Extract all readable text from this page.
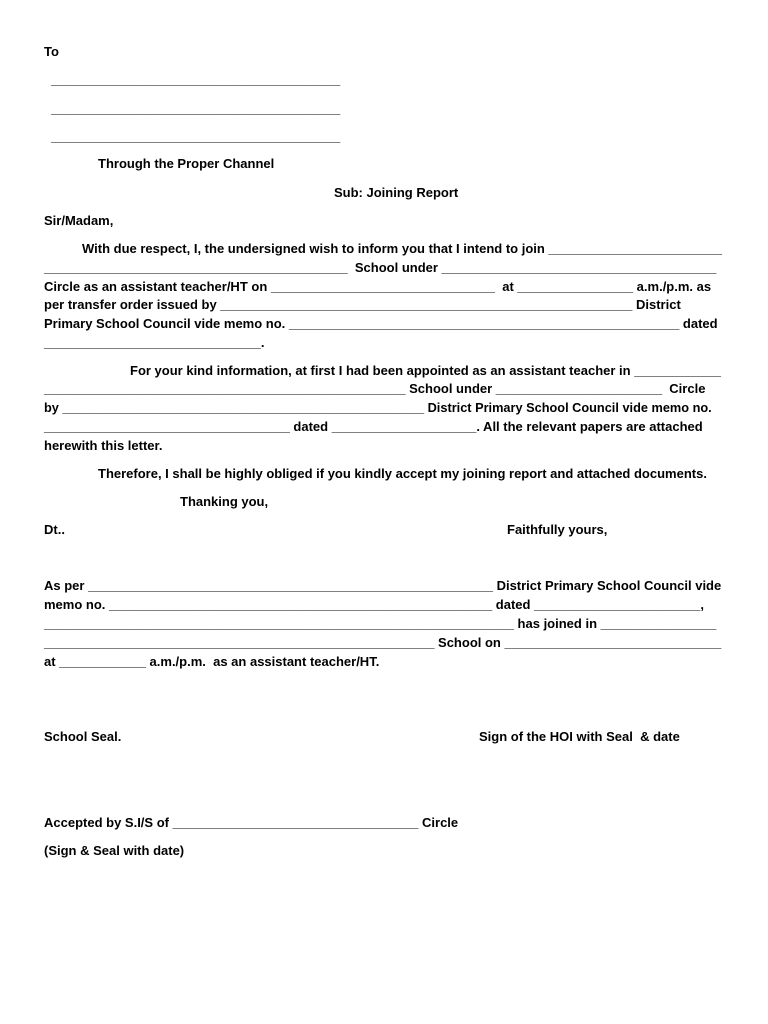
To
________________________________________
________________________________________
________________________________________
Through the Proper Channel
Sub: Joining Report
Sir/Madam,
With due respect, I, the undersigned wish to inform you that I intend to join ________________________
__________________________________________  School under ______________________________________
Circle as an assistant teacher/HT on _______________________________  at ________________ a.m./p.m. as
per transfer order issued by _________________________________________________________ District
Primary School Council vide memo no. ______________________________________________________ dated
______________________________.
For your kind information, at first I had been appointed as an assistant teacher in ____________
__________________________________________________ School under _______________________  Circle
by ___________________________________________________ District Primary School Council vide memo no.
__________________________________ dated ____________________. All the relevant papers are attached
herewith this letter.
Therefore, I shall be highly obliged if you kindly accept my joining report and attached documents.
Thanking you,
Dt..	Faithfully yours,
As per ________________________________________________________ District Primary School Council vide
memo no. _____________________________________________________ dated _______________________,
_________________________________________________________________ has joined in ________________
______________________________________________________ School on ______________________________
at ____________ a.m./p.m.  as an assistant teacher/HT.
School Seal.	Sign of the HOI with Seal  & date
Accepted by S.I/S of __________________________________ Circle
(Sign & Seal with date)
